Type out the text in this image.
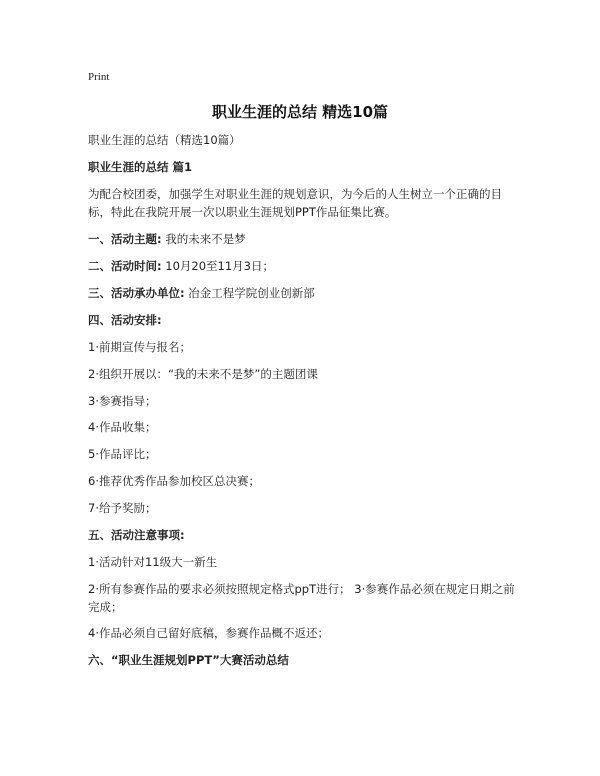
Print
职业生涯的总结 精选10篇
职业生涯的总结（精选10篇）
职业生涯的总结 篇1
为配合校团委，加强学生对职业生涯的规划意识，为今后的人生树立一个正确的目标，特此在我院开展一次以职业生涯规划PPT作品征集比赛。
一、活动主题: 我的未来不是梦
二、活动时间: 10月20至11月3日；
三、活动承办单位: 冶金工程学院创业创新部
四、活动安排:
1·前期宣传与报名；
2·组织开展以：“我的未来不是梦”的主题团课
3·参赛指导；
4·作品收集；
5·作品评比；
6·推荐优秀作品参加校区总决赛；
7·给予奖励；
五、活动注意事项:
1·活动针对11级大一新生
2·所有参赛作品的要求必须按照规定格式ppT进行； 3·参赛作品必须在规定日期之前完成；
4·作品必须自己留好底稿，参赛作品概不返还；
六、“职业生涯规划PPT”大赛活动总结
